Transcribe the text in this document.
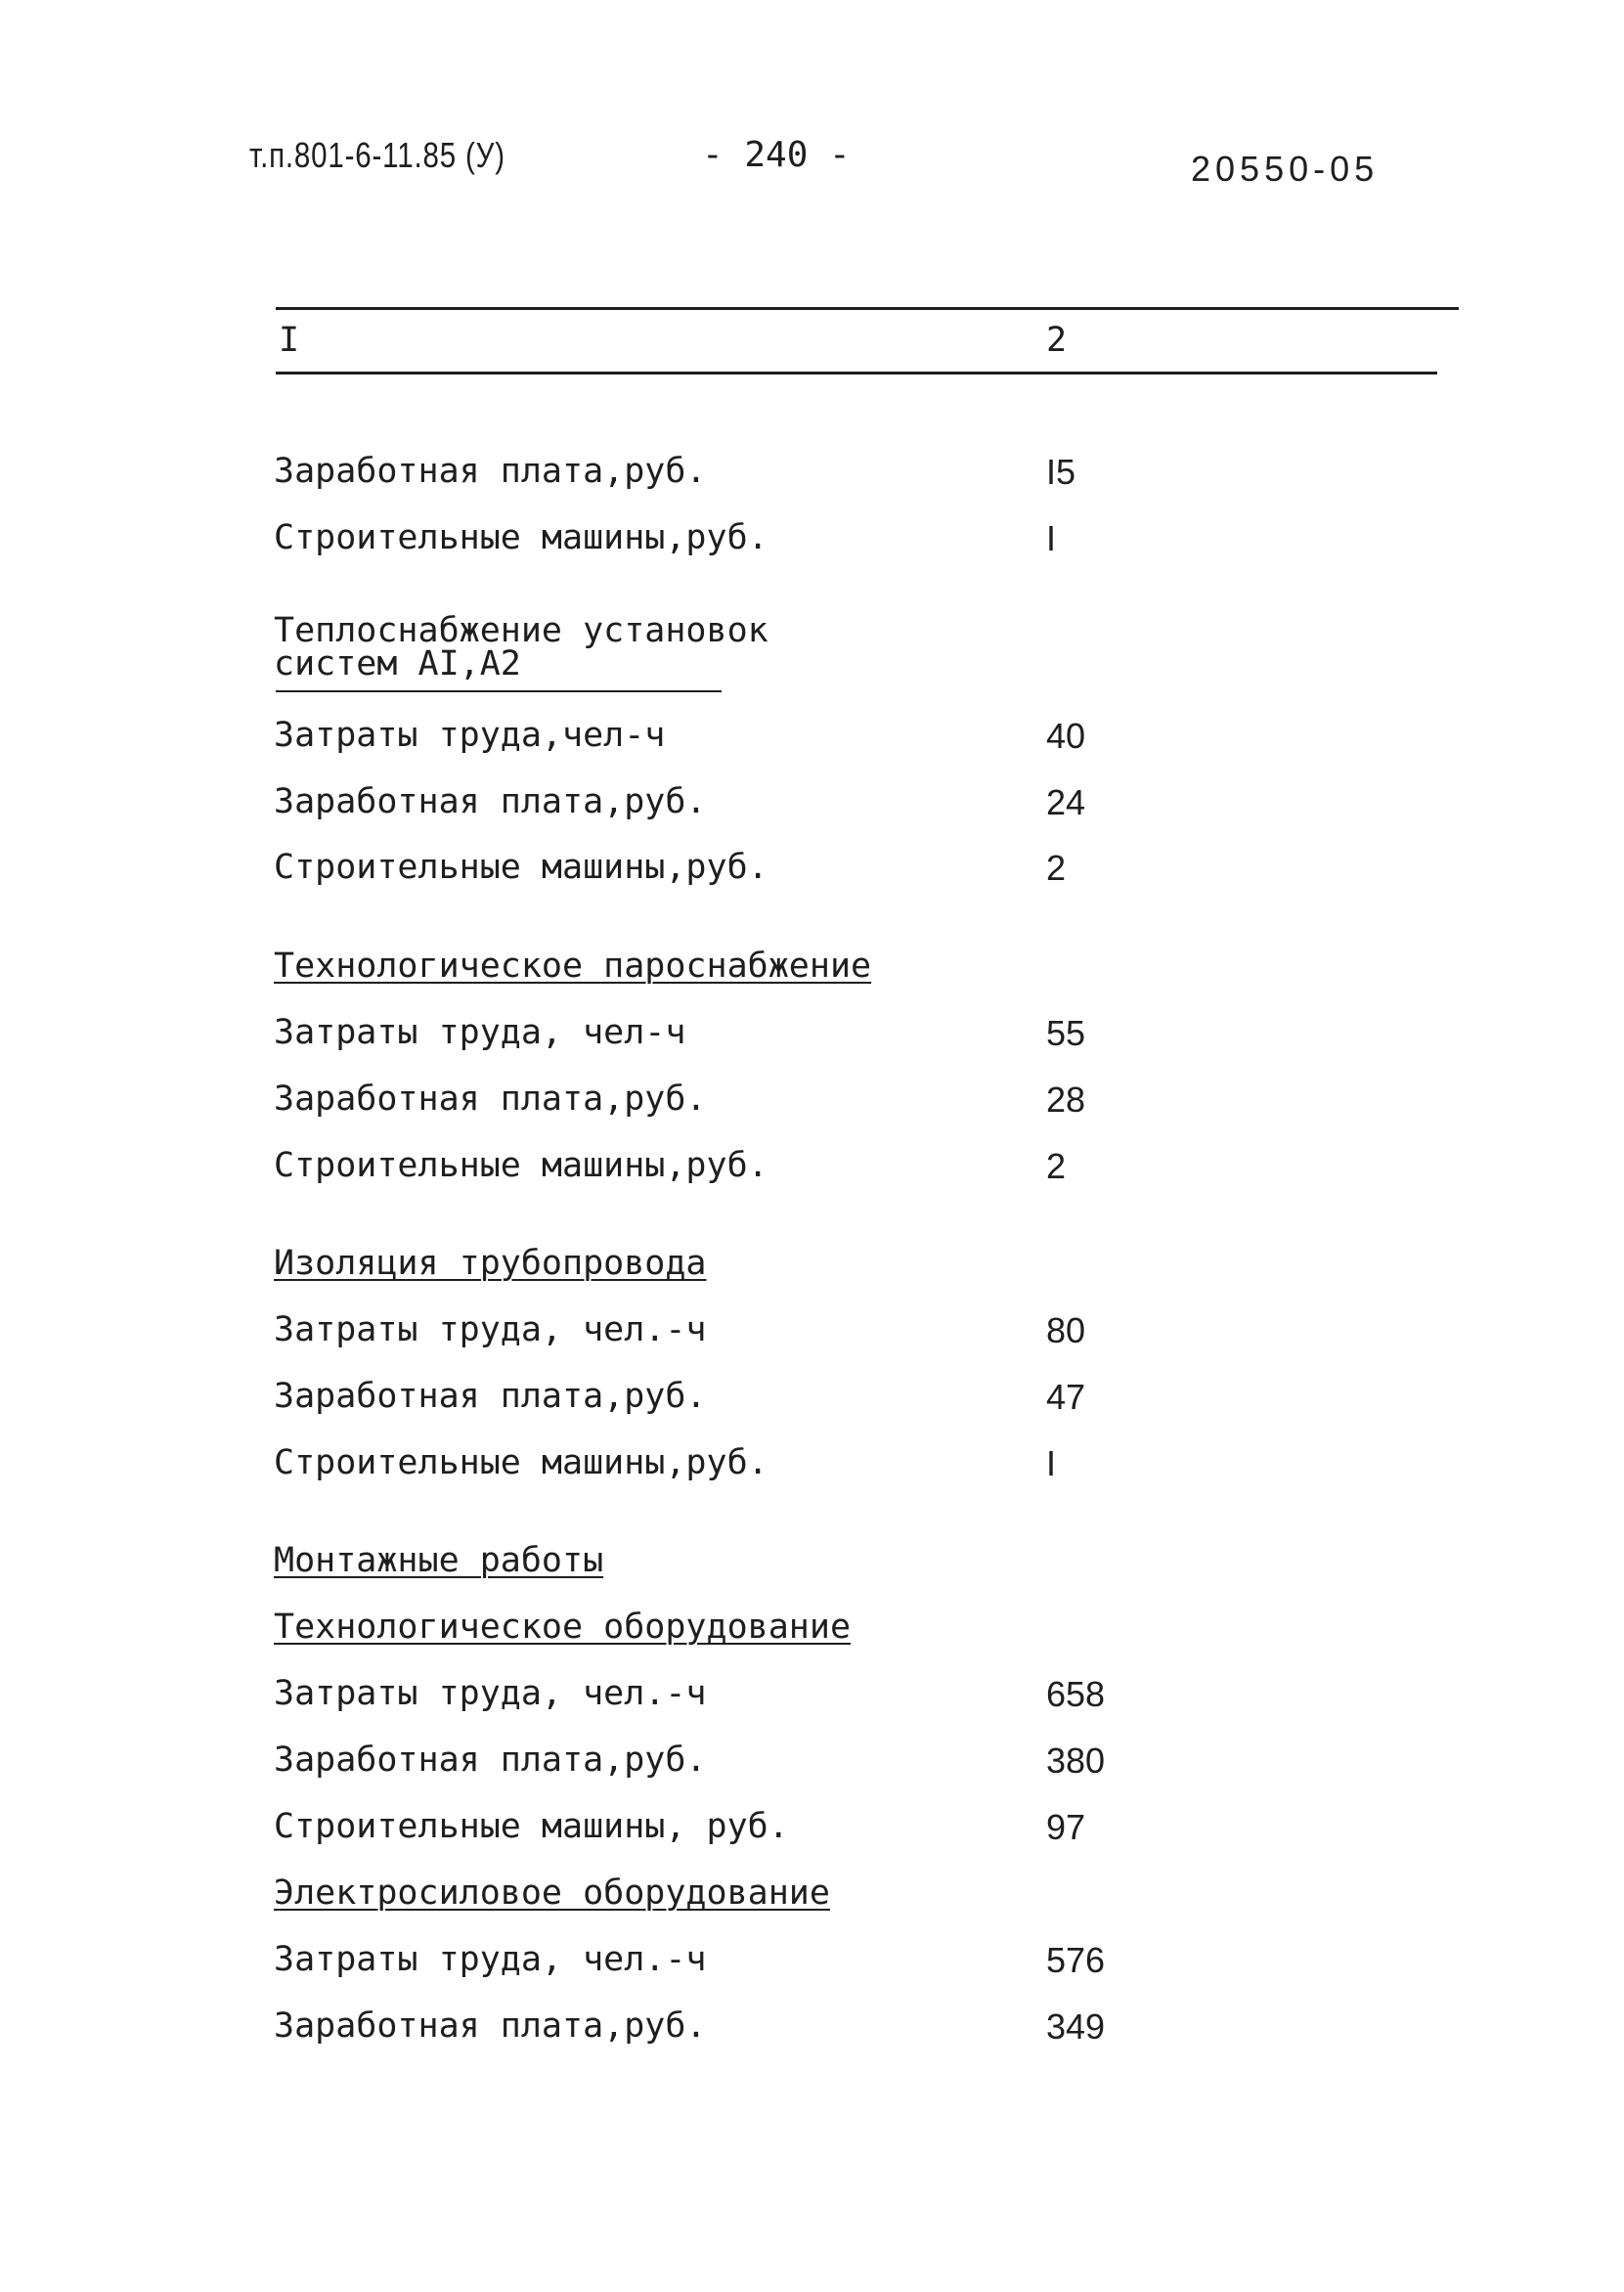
т.п.801-6-11.85 (У)	- 240 -	20550-05
I	2
Заработная плата,руб.	I5
Строительные машины,руб.	I
Теплоснабжение установок
систем AI,A2
Затраты труда,чел-ч	40
Заработная плата,руб.	24
Строительные машины,руб.	2
Технологическое пароснабжение
Затраты труда, чел-ч	55
Заработная плата,руб.	28
Строительные машины,руб.	2
Изоляция трубопровода
Затраты труда, чел.-ч	80
Заработная плата,руб.	47
Строительные машины,руб.	I
Монтажные работы
Технологическое оборудование
Затраты труда, чел.-ч	658
Заработная плата,руб.	380
Строительные машины, руб.	97
Электросиловое оборудование
Затраты труда, чел.-ч	576
Заработная плата,руб.	349
